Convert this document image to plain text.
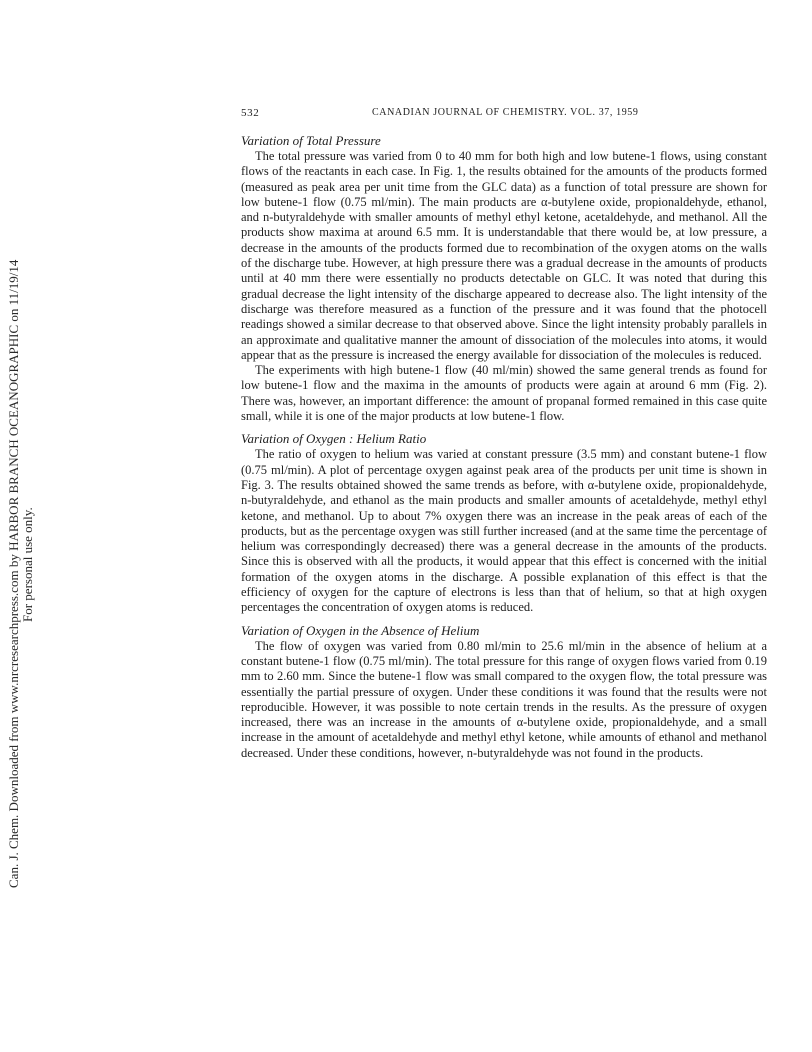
Can. J. Chem. Downloaded from www.nrcresearchpress.com by HARBOR BRANCH OCEANOGRAPHIC on 11/19/14 For personal use only.
532	CANADIAN JOURNAL OF CHEMISTRY. VOL. 37, 1959
Variation of Total Pressure

The total pressure was varied from 0 to 40 mm for both high and low butene-1 flows, using constant flows of the reactants in each case. In Fig. 1, the results obtained for the amounts of the products formed (measured as peak area per unit time from the GLC data) as a function of total pressure are shown for low butene-1 flow (0.75 ml/min). The main products are α-butylene oxide, propionaldehyde, ethanol, and n-butyraldehyde with smaller amounts of methyl ethyl ketone, acetaldehyde, and methanol. All the products show maxima at around 6.5 mm. It is understandable that there would be, at low pressure, a decrease in the amounts of the products formed due to recombination of the oxygen atoms on the walls of the discharge tube. However, at high pressure there was a gradual decrease in the amounts of products until at 40 mm there were essentially no products detectable on GLC. It was noted that during this gradual decrease the light intensity of the discharge appeared to decrease also. The light intensity of the discharge was therefore measured as a function of the pressure and it was found that the photocell readings showed a similar decrease to that observed above. Since the light intensity probably parallels in an approximate and qualitative manner the amount of dissociation of the molecules into atoms, it would appear that as the pressure is increased the energy available for dissociation of the molecules is reduced.

The experiments with high butene-1 flow (40 ml/min) showed the same general trends as found for low butene-1 flow and the maxima in the amounts of products were again at around 6 mm (Fig. 2). There was, however, an important difference: the amount of propanal formed remained in this case quite small, while it is one of the major products at low butene-1 flow.

Variation of Oxygen : Helium Ratio

The ratio of oxygen to helium was varied at constant pressure (3.5 mm) and constant butene-1 flow (0.75 ml/min). A plot of percentage oxygen against peak area of the products per unit time is shown in Fig. 3. The results obtained showed the same trends as before, with α-butylene oxide, propionaldehyde, n-butyraldehyde, and ethanol as the main products and smaller amounts of acetaldehyde, methyl ethyl ketone, and methanol. Up to about 7% oxygen there was an increase in the peak areas of each of the products, but as the percentage oxygen was still further increased (and at the same time the percentage of helium was correspondingly decreased) there was a general decrease in the amounts of the products. Since this is observed with all the products, it would appear that this effect is concerned with the initial formation of the oxygen atoms in the discharge. A possible explanation of this effect is that the efficiency of oxygen for the capture of electrons is less than that of helium, so that at high oxygen percentages the concentration of oxygen atoms is reduced.

Variation of Oxygen in the Absence of Helium

The flow of oxygen was varied from 0.80 ml/min to 25.6 ml/min in the absence of helium at a constant butene-1 flow (0.75 ml/min). The total pressure for this range of oxygen flows varied from 0.19 mm to 2.60 mm. Since the butene-1 flow was small compared to the oxygen flow, the total pressure was essentially the partial pressure of oxygen. Under these conditions it was found that the results were not reproducible. However, it was possible to note certain trends in the results. As the pressure of oxygen increased, there was an increase in the amounts of α-butylene oxide, propionaldehyde, and a small increase in the amount of acetaldehyde and methyl ethyl ketone, while amounts of ethanol and methanol decreased. Under these conditions, however, n-butyraldehyde was not found in the products.
